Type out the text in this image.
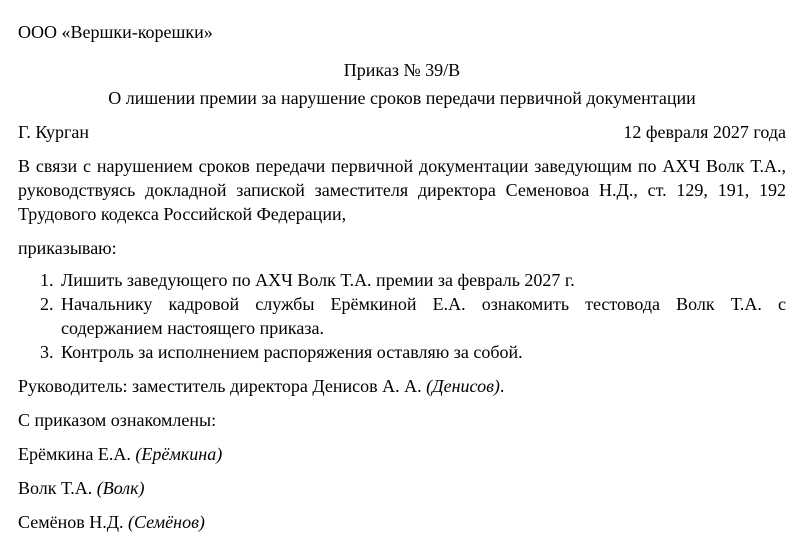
ООО «Вершки-корешки»
Приказ № 39/В
О лишении премии за нарушение сроков передачи первичной документации
Г. Курган	12 февраля 2027 года
В связи с нарушением сроков передачи первичной документации заведующим по АХЧ Волк Т.А., руководствуясь докладной запиской заместителя директора Семеновоа Н.Д., ст. 129, 191, 192 Трудового кодекса Российской Федерации,
приказываю:
1. Лишить заведующего по АХЧ Волк Т.А. премии за февраль 2027 г.
2. Начальнику кадровой службы Ерёмкиной Е.А. ознакомить тестовода Волк Т.А. с содержанием настоящего приказа.
3. Контроль за исполнением распоряжения оставляю за собой.
Руководитель: заместитель директора Денисов А. А. (Денисов).
С приказом ознакомлены:
Ерёмкина Е.А. (Ерёмкина)
Волк Т.А. (Волк)
Семёнов Н.Д. (Семёнов)
